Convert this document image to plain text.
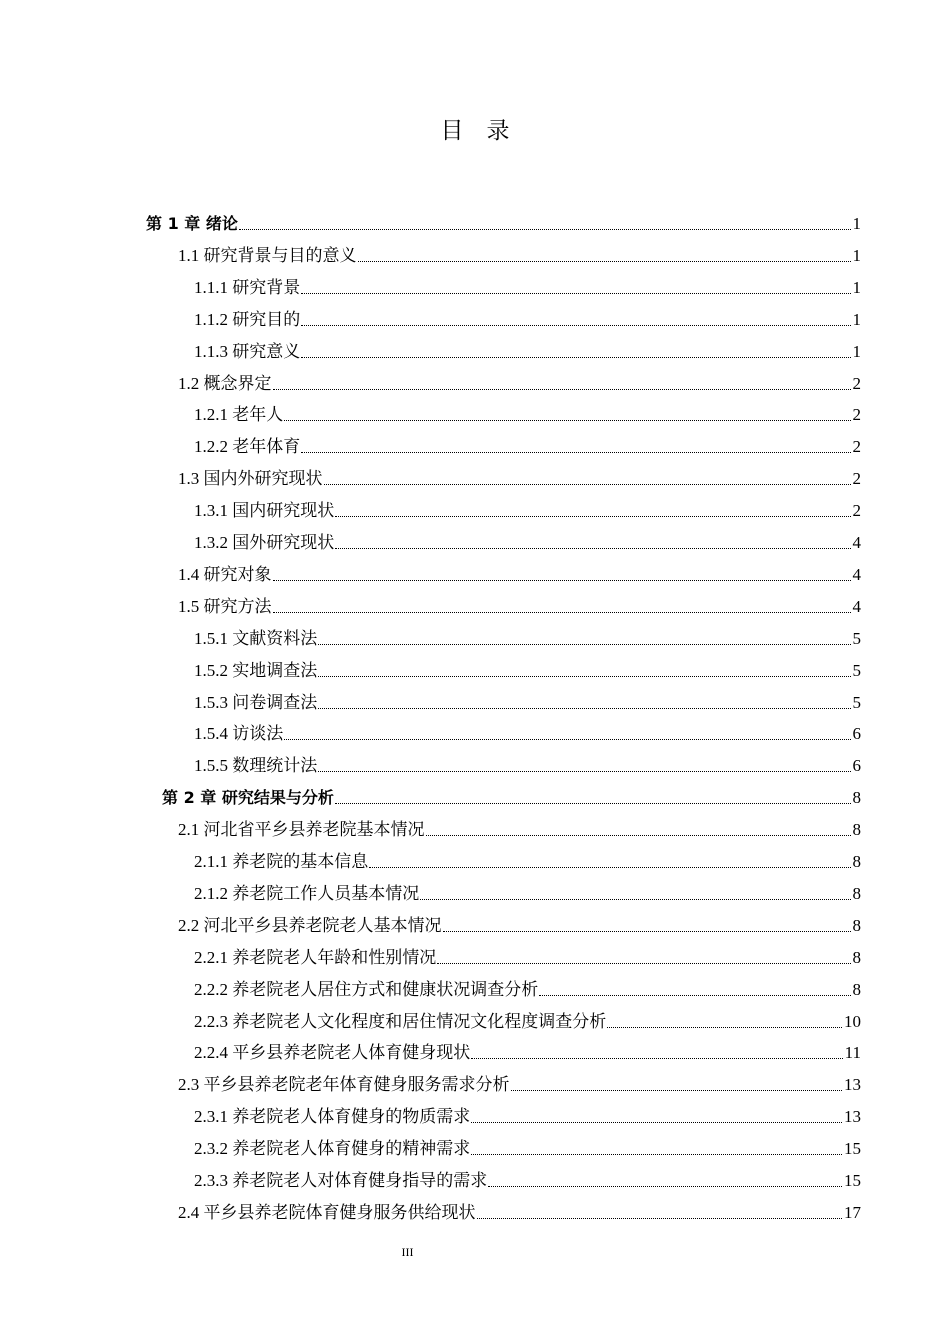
目　录
第 1 章 绪论	1
1.1 研究背景与目的意义	1
1.1.1 研究背景	1
1.1.2 研究目的	1
1.1.3 研究意义	1
1.2 概念界定	2
1.2.1 老年人	2
1.2.2 老年体育	2
1.3 国内外研究现状	2
1.3.1 国内研究现状	2
1.3.2 国外研究现状	4
1.4 研究对象	4
1.5 研究方法	4
1.5.1 文献资料法	5
1.5.2 实地调查法	5
1.5.3 问卷调查法	5
1.5.4 访谈法	6
1.5.5 数理统计法	6
第 2 章 研究结果与分析	8
2.1 河北省平乡县养老院基本情况	8
2.1.1 养老院的基本信息	8
2.1.2 养老院工作人员基本情况	8
2.2 河北平乡县养老院老人基本情况	8
2.2.1 养老院老人年龄和性别情况	8
2.2.2 养老院老人居住方式和健康状况调查分析	8
2.2.3 养老院老人文化程度和居住情况文化程度调查分析	10
2.2.4 平乡县养老院老人体育健身现状	11
2.3 平乡县养老院老年体育健身服务需求分析	13
2.3.1 养老院老人体育健身的物质需求	13
2.3.2 养老院老人体育健身的精神需求	15
2.3.3 养老院老人对体育健身指导的需求	15
2.4 平乡县养老院体育健身服务供给现状	17
III
